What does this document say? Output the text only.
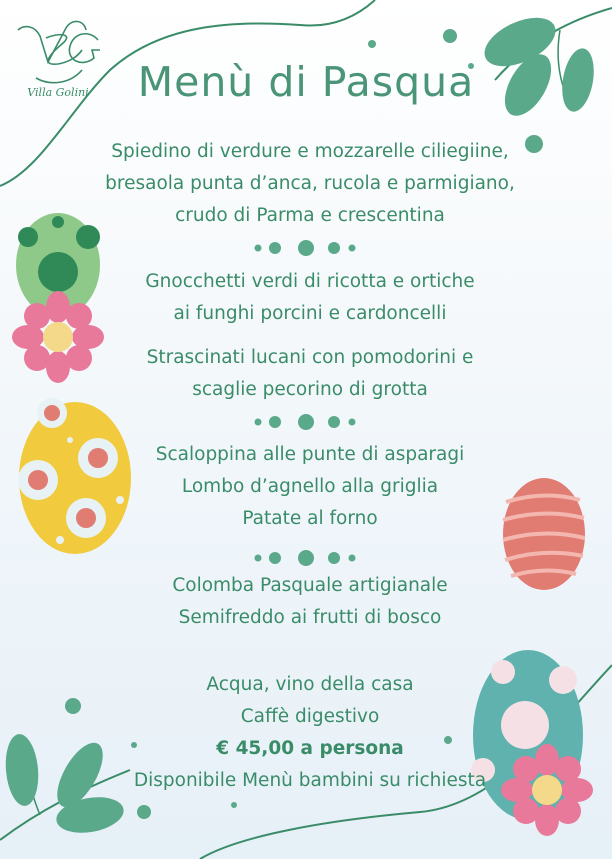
Villa Golini	Menù di Pasqua
Spiedino di verdure e mozzarelle ciliegiine,
bresaola punta d’anca, rucola e parmigiano,
crudo di Parma e crescentina
Gnocchetti verdi di ricotta e ortiche
ai funghi porcini e cardoncelli
Strascinati lucani con pomodorini e
scaglie pecorino di grotta
Scaloppina alle punte di asparagi
Lombo d’agnello alla griglia
Patate al forno
Colomba Pasquale artigianale
Semifreddo ai frutti di bosco
Acqua, vino della casa
Caffè digestivo
€ 45,00 a persona
Disponibile Menù bambini su richiesta
